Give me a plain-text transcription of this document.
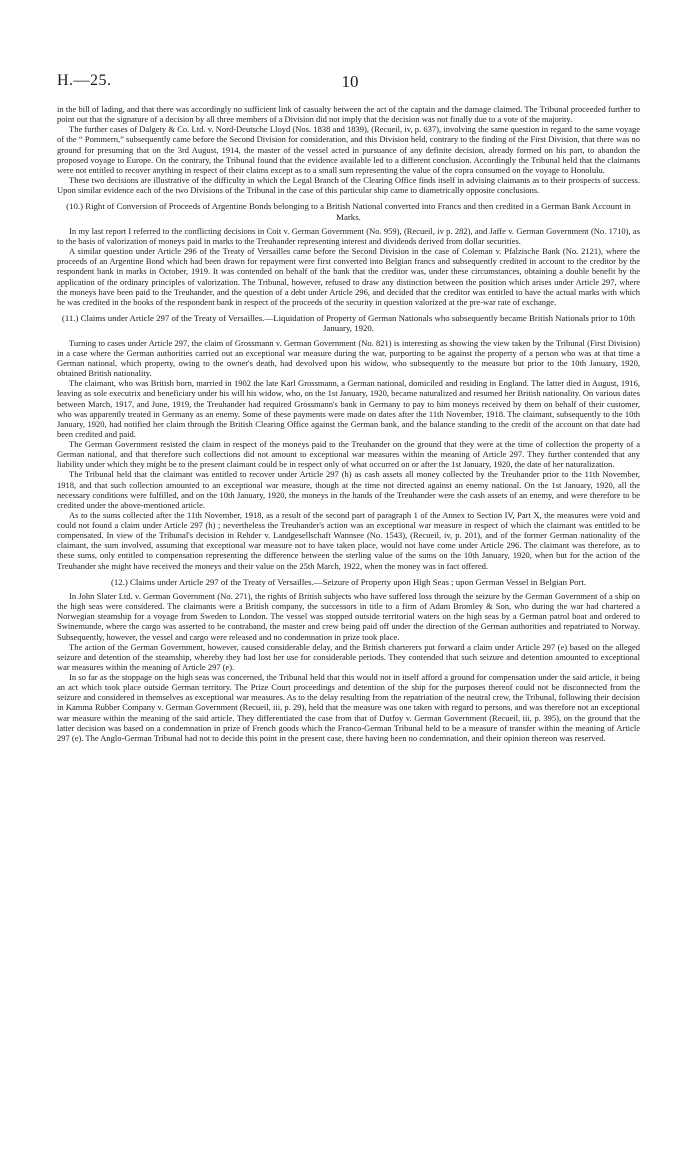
H.—25.	10

in the bill of lading, and that there was accordingly no sufficient link of casualty between the act of the captain and the damage claimed. The Tribunal proceeded further to point out that the signature of a decision by all three members of a Division did not imply that the decision was not finally due to a vote of the majority.

The further cases of Dalgety & Co. Ltd. v. Nord-Deutsche Lloyd (Nos. 1838 and 1839), (Recueil, iv, p. 637), involving the same question in regard to the same voyage of the “ Pommern,” subsequently came before the Second Division for consideration, and this Division held, contrary to the finding of the First Division, that there was no ground for presuming that on the 3rd August, 1914, the master of the vessel acted in pursuance of any definite decision, already formed on his part, to abandon the proposed voyage to Europe. On the contrary, the Tribunal found that the evidence available led to a different conclusion. Accordingly the Tribunal held that the claimants were not entitled to recover anything in respect of their claims except as to a small sum representing the value of the copra consumed on the voyage to Honolulu.

These two decisions are illustrative of the difficulty in which the Legal Branch of the Clearing Office finds itself in advising claimants as to their prospects of success. Upon similar evidence each of the two Divisions of the Tribunal in the case of this particular ship came to diametrically opposite conclusions.

(10.) Right of Conversion of Proceeds of Argentine Bonds belonging to a British National converted into Francs and then credited in a German Bank Account in Marks.

In my last report I referred to the conflicting decisions in Coit v. German Government (No. 959), (Recueil, iv p. 282), and Jaffe v. German Government (No. 1710), as to the basis of valorization of moneys paid in marks to the Treuhander representing interest and dividends derived from dollar securities.

A similar question under Article 296 of the Treaty of Versailles came before the Second Division in the case of Coleman v. Pfalzische Bank (No. 2121), where the proceeds of an Argentine Bond which had been drawn for repayment were first converted into Belgian francs and subsequently credited in account to the creditor by the respondent bank in marks in October, 1919. It was contended on behalf of the bank that the creditor was, under these circumstances, obtaining a double benefit by the application of the ordinary principles of valorization. The Tribunal, however, refused to draw any distinction between the position which arises under Article 297, where the moneys have been paid to the Treuhander, and the question of a debt under Article 296, and decided that the creditor was entitled to have the actual marks with which he was credited in the books of the respondent bank in respect of the proceeds of the security in question valorized at the pre-war rate of exchange.

(11.) Claims under Article 297 of the Treaty of Versailles.—Liquidation of Property of German Nationals who subsequently became British Nationals prior to 10th January, 1920.

Turning to cases under Article 297, the claim of Grossmann v. German Government (No. 821) is interesting as showing the view taken by the Tribunal (First Division) in a case where the German authorities carried out an exceptional war measure during the war, purporting to be against the property of a person who was at that time a German national, which property, owing to the owner's death, had devolved upon his widow, who subsequently to the measure but prior to the 10th January, 1920, obtained British nationality.

The claimant, who was British born, married in 1902 the late Karl Grossmann, a German national, domiciled and residing in England. The latter died in August, 1916, leaving as sole executrix and beneficiary under his will his widow, who, on the 1st January, 1920, became naturalized and resumed her British nationality. On various dates between March, 1917, and June, 1919, the Treuhander had required Grossmann's bank in Germany to pay to him moneys received by them on behalf of their customer, who was apparently treated in Germany as an enemy. Some of these payments were made on dates after the 11th November, 1918. The claimant, subsequently to the 10th January, 1920, had notified her claim through the British Clearing Office against the German bank, and the balance standing to the credit of the account on that date had been credited and paid.

The German Government resisted the claim in respect of the moneys paid to the Treuhander on the ground that they were at the time of collection the property of a German national, and that therefore such collections did not amount to exceptional war measures within the meaning of Article 297. They further contended that any liability under which they might be to the present claimant could be in respect only of what occurred on or after the 1st January, 1920, the date of her naturalization.

The Tribunal held that the claimant was entitled to recover under Article 297 (h) as cash assets all money collected by the Treuhander prior to the 11th November, 1918, and that such collection amounted to an exceptional war measure, though at the time not directed against an enemy national. On the 1st January, 1920, all the necessary conditions were fulfilled, and on the 10th January, 1920, the moneys in the hands of the Treuhander were the cash assets of an enemy, and were therefore to be credited under the above-mentioned article.

As to the sums collected after the 11th November, 1918, as a result of the second part of paragraph 1 of the Annex to Section IV, Part X, the measures were void and could not found a claim under Article 297 (h) ; nevertheless the Treuhander's action was an exceptional war measure in respect of which the claimant was entitled to be compensated. In view of the Tribunal's decision in Rehder v. Landgesellschaft Wannsee (No. 1543), (Recueil, iv, p. 201), and of the former German nationality of the claimant, the sum involved, assuming that exceptional war measure not to have taken place, would not have come under Article 296. The claimant was therefore, as to these sums, only entitled to compensation representing the difference between the sterling value of the sums on the 10th January, 1920, when but for the action of the Treuhander she might have received the moneys and their value on the 25th March, 1922, when the money was in fact offered.

(12.) Claims under Article 297 of the Treaty of Versailles.—Seizure of Property upon High Seas ; upon German Vessel in Belgian Port.

In John Slater Ltd. v. German Government (No. 271), the rights of British subjects who have suffered loss through the seizure by the German Government of a ship on the high seas were considered. The claimants were a British company, the successors in title to a firm of Adam Bromley & Son, who during the war had chartered a Norwegian steamship for a voyage from Sweden to London. The vessel was stopped outside territorial waters on the high seas by a German patrol boat and ordered to Swinemunde, where the cargo was asserted to be contraband, the master and crew being paid off under the direction of the German authorities and repatriated to Norway. Subsequently, however, the vessel and cargo were released and no condemnation in prize took place.

The action of the German Government, however, caused considerable delay, and the British charterers put forward a claim under Article 297 (e) based on the alleged seizure and detention of the steamship, whereby they had lost her use for considerable periods. They contended that such seizure and detention amounted to exceptional war measures within the meaning of Article 297 (e).

In so far as the stoppage on the high seas was concerned, the Tribunal held that this would not in itself afford a ground for compensation under the said article, it being an act which took place outside German territory. The Prize Court proceedings and detention of the ship for the purposes thereof could not be disconnected from the seizure and considered in themselves as exceptional war measures. As to the delay resulting from the repatriation of the neutral crew, the Tribunal, following their decision in Kamma Rubber Company v. German Government (Recueil, iii, p. 29), held that the measure was one taken with regard to persons, and was therefore not an exceptional war measure within the meaning of the said article. They differentiated the case from that of Dutfoy v. German Government (Recueil, iii, p. 395), on the ground that the latter decision was based on a condemnation in prize of French goods which the Franco-German Tribunal held to be a measure of transfer within the meaning of Article 297 (e). The Anglo-German Tribunal had not to decide this point in the present case, there having been no condemnation, and their opinion thereon was reserved.
